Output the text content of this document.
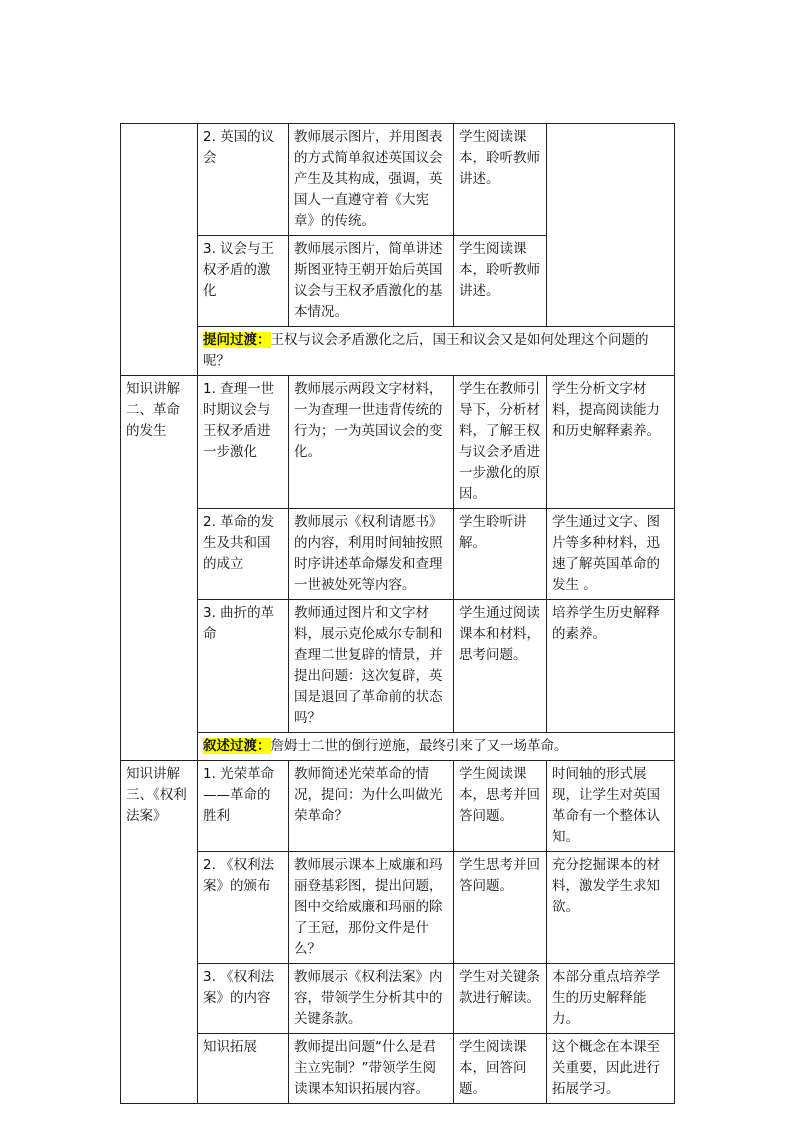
	2. 英国的议会	教师展示图片，并用图表的方式简单叙述英国议会产生及其构成，强调，英国人一直遵守着《大宪章》的传统。	学生阅读课本，聆听教师讲述。	
	3. 议会与王权矛盾的激化	教师展示图片，简单讲述斯图亚特王朝开始后英国议会与王权矛盾激化的基本情况。	学生阅读课本，聆听教师讲述。	
	提问过渡：王权与议会矛盾激化之后，国王和议会又是如何处理这个问题的呢？			
知识讲解二、革命的发生	1. 查理一世时期议会与王权矛盾进一步激化	教师展示两段文字材料，一为查理一世违背传统的行为；一为英国议会的变化。	学生在教师引导下，分析材料，了解王权与议会矛盾进一步激化的原因。	学生分析文字材料，提高阅读能力和历史解释素养。
	2. 革命的发生及共和国的成立	教师展示《权利请愿书》的内容，利用时间轴按照时序讲述革命爆发和查理一世被处死等内容。	学生聆听讲解。	学生通过文字、图片等多种材料，迅速了解英国革命的发生 。
	3. 曲折的革命	教师通过图片和文字材料，展示克伦威尔专制和查理二世复辟的情景，并提出问题：这次复辟，英国是退回了革命前的状态吗？	学生通过阅读课本和材料，思考问题。	培养学生历史解释的素养。
	叙述过渡：詹姆士二世的倒行逆施，最终引来了又一场革命。			
知识讲解三、《权利法案》	1. 光荣革命——革命的胜利	教师简述光荣革命的情况，提问：为什么叫做光荣革命？	学生阅读课本，思考并回答问题。	时间轴的形式展现，让学生对英国革命有一个整体认知。
	2. 《权利法案》的颁布	教师展示课本上威廉和玛丽登基彩图，提出问题，图中交给威廉和玛丽的除了王冠，那份文件是什么？	学生思考并回答问题。	充分挖掘课本的材料，激发学生求知欲。
	3. 《权利法案》的内容	教师展示《权利法案》内容，带领学生分析其中的关键条款。	学生对关键条款进行解读。	本部分重点培养学生的历史解释能力。
	知识拓展	教师提出问题“什么是君主立宪制？”带领学生阅读课本知识拓展内容。	学生阅读课本，回答问题。	这个概念在本课至关重要，因此进行拓展学习。
